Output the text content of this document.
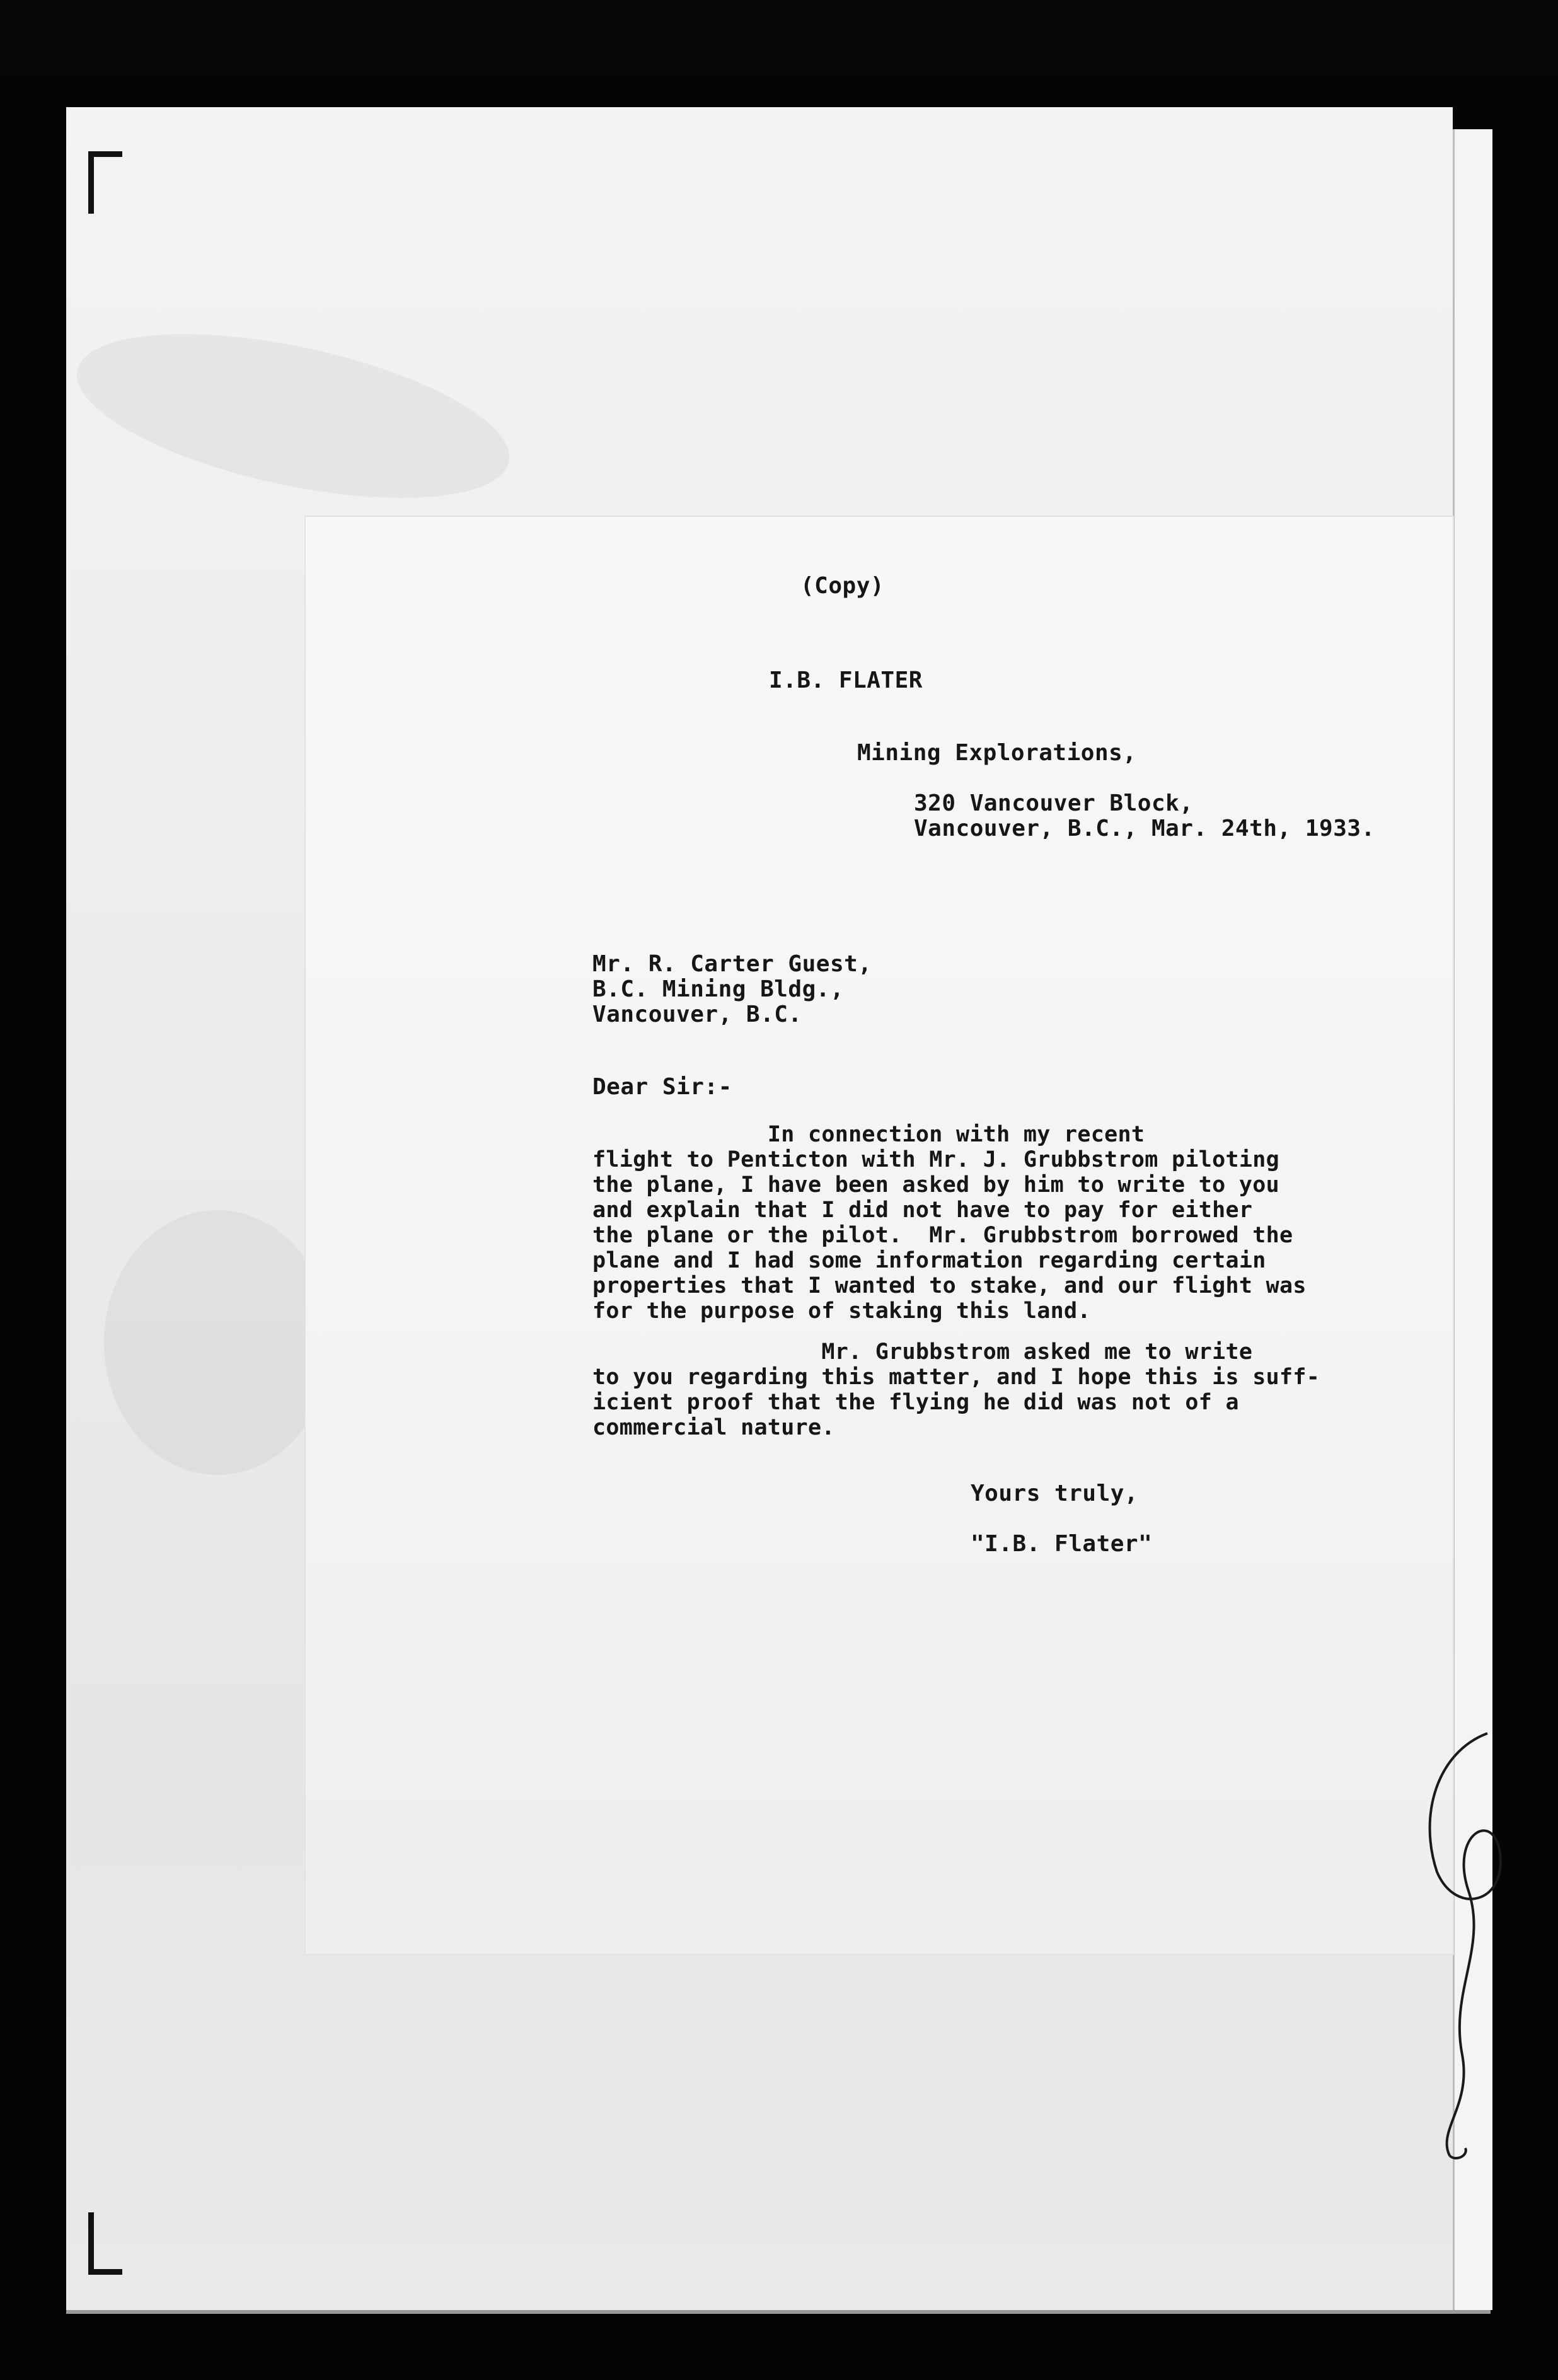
(Copy)
I.B. FLATER
Mining Explorations,
320 Vancouver Block,
Vancouver, B.C., Mar. 24th, 1933.
Mr. R. Carter Guest,
B.C. Mining Bldg.,
Vancouver, B.C.
Dear Sir:-
In connection with my recent
flight to Penticton with Mr. J. Grubbstrom piloting
the plane, I have been asked by him to write to you
and explain that I did not have to pay for either
the plane or the pilot.  Mr. Grubbstrom borrowed the
plane and I had some information regarding certain
properties that I wanted to stake, and our flight was
for the purpose of staking this land.
Mr. Grubbstrom asked me to write
to you regarding this matter, and I hope this is suff-
icient proof that the flying he did was not of a
commercial nature.
Yours truly,
"I.B. Flater"
